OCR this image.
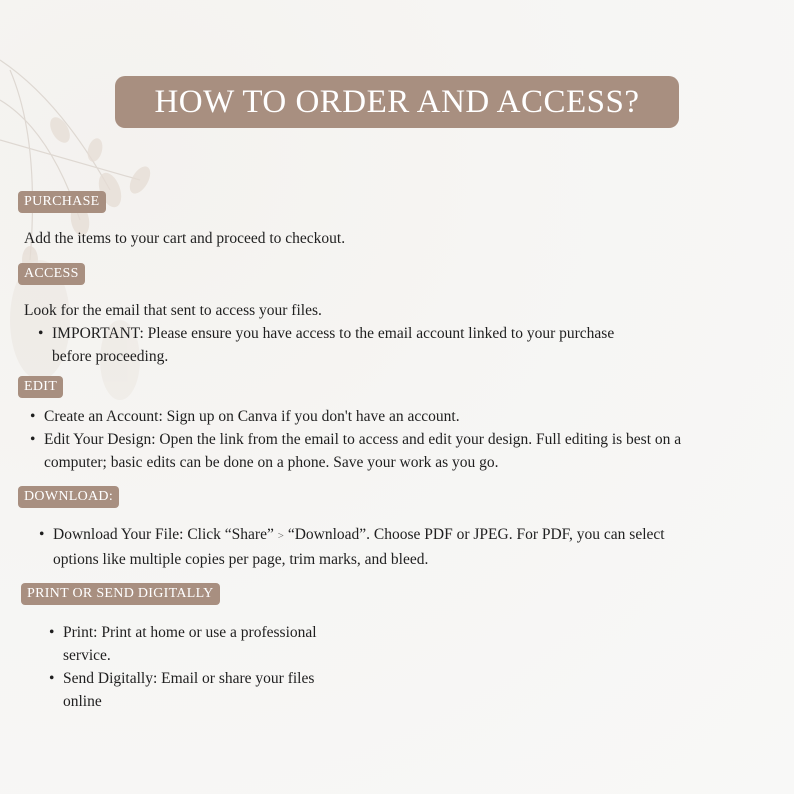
HOW TO ORDER AND ACCESS?
PURCHASE
Add the items to your cart and proceed to checkout.
ACCESS
Look for the email that sent to access your files.
• IMPORTANT: Please ensure you have access to the email account linked to your purchase
before proceeding.
EDIT
• Create an Account: Sign up on Canva if you don't have an account.
• Edit Your Design: Open the link from the email to access and edit your design. Full editing is best on a
computer; basic edits can be done on a phone. Save your work as you go.
DOWNLOAD:
• Download Your File: Click “Share” > “Download”. Choose PDF or JPEG. For PDF, you can select
options like multiple copies per page, trim marks, and bleed.
PRINT OR SEND DIGITALLY
• Print: Print at home or use a professional
service.
• Send Digitally: Email or share your files
online
